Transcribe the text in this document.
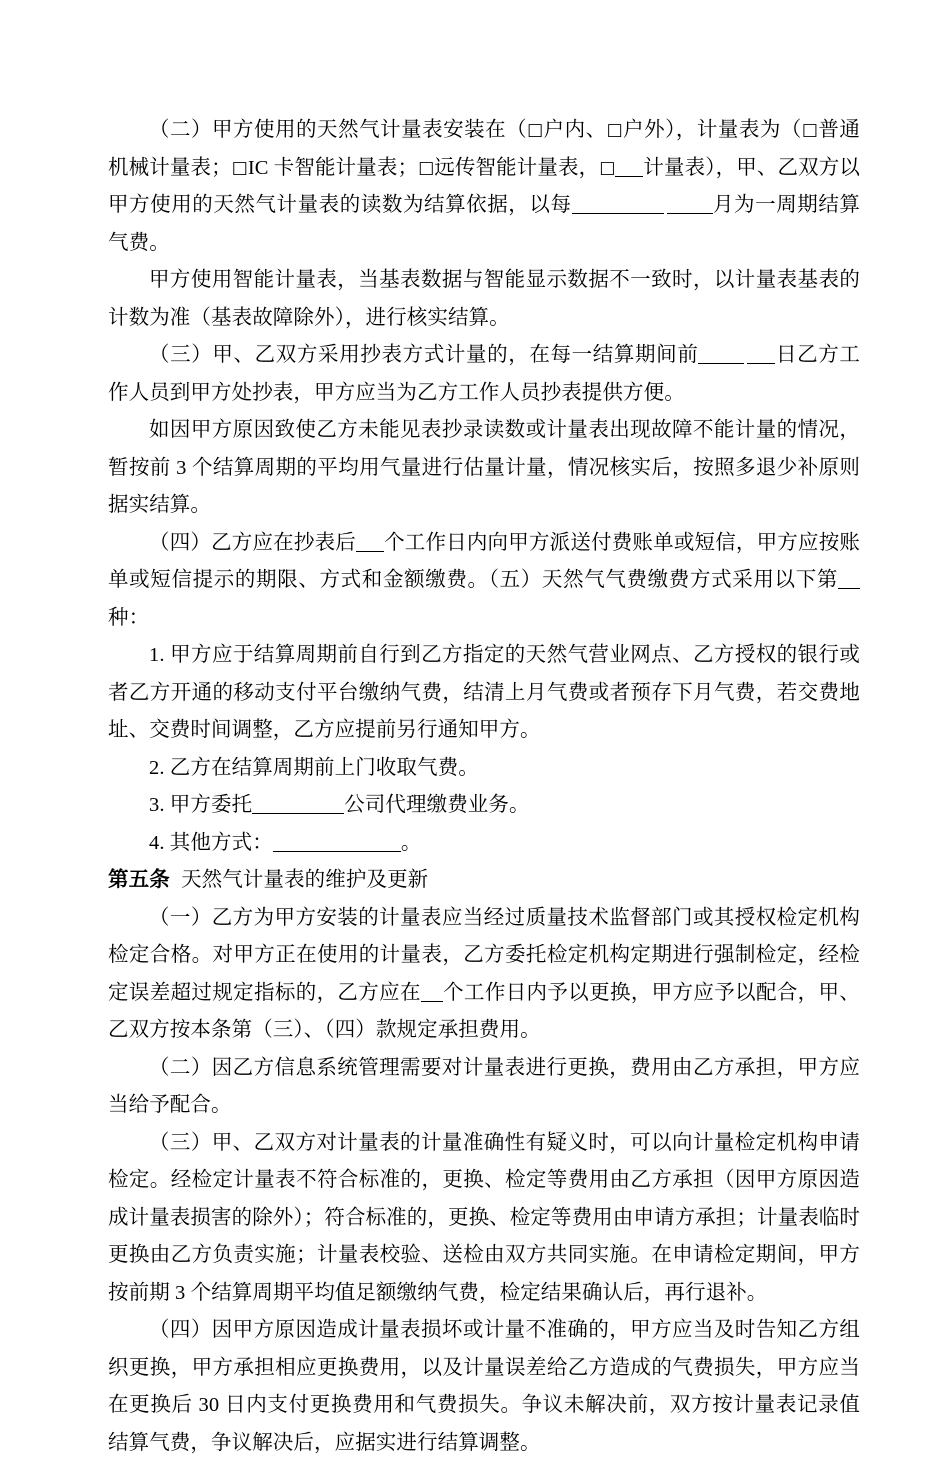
（二）甲方使用的天然气计量表安装在（□户内、□户外），计量表为（□普通机械计量表；□IC 卡智能计量表；□远传智能计量表，□ 计量表），甲、乙双方以甲方使用的天然气计量表的读数为结算依据，以每	月为一周期结算气费。

甲方使用智能计量表，当基表数据与智能显示数据不一致时，以计量表基表的计数为准（基表故障除外），进行核实结算。

（三）甲、乙双方采用抄表方式计量的，在每一结算期间前	日乙方工作人员到甲方处抄表，甲方应当为乙方工作人员抄表提供方便。

如因甲方原因致使乙方未能见表抄录读数或计量表出现故障不能计量的情况，暂按前 3 个结算周期的平均用气量进行估量计量，情况核实后，按照多退少补原则据实结算。

（四）乙方应在抄表后 个工作日内向甲方派送付费账单或短信，甲方应按账单或短信提示的期限、方式和金额缴费。（五）天然气气费缴费方式采用以下第种：

1. 甲方应于结算周期前自行到乙方指定的天然气营业网点、乙方授权的银行或者乙方开通的移动支付平台缴纳气费，结清上月气费或者预存下月气费，若交费地址、交费时间调整，乙方应提前另行通知甲方。

2. 乙方在结算周期前上门收取气费。

3. 甲方委托	公司代理缴费业务。

4. 其他方式：	。

第五条 天然气计量表的维护及更新

（一）乙方为甲方安装的计量表应当经过质量技术监督部门或其授权检定机构检定合格。对甲方正在使用的计量表，乙方委托检定机构定期进行强制检定，经检定误差超过规定指标的，乙方应在 个工作日内予以更换，甲方应予以配合，甲、乙双方按本条第（三）、（四）款规定承担费用。

（二）因乙方信息系统管理需要对计量表进行更换，费用由乙方承担，甲方应当给予配合。

（三）甲、乙双方对计量表的计量准确性有疑义时，可以向计量检定机构申请检定。经检定计量表不符合标准的，更换、检定等费用由乙方承担（因甲方原因造成计量表损害的除外）；符合标准的，更换、检定等费用由申请方承担；计量表临时更换由乙方负责实施；计量表校验、送检由双方共同实施。在申请检定期间，甲方按前期 3 个结算周期平均值足额缴纳气费，检定结果确认后，再行退补。

（四）因甲方原因造成计量表损坏或计量不准确的，甲方应当及时告知乙方组织更换，甲方承担相应更换费用，以及计量误差给乙方造成的气费损失，甲方应当在更换后 30 日内支付更换费用和气费损失。争议未解决前，双方按计量表记录值结算气费，争议解决后，应据实进行结算调整。
